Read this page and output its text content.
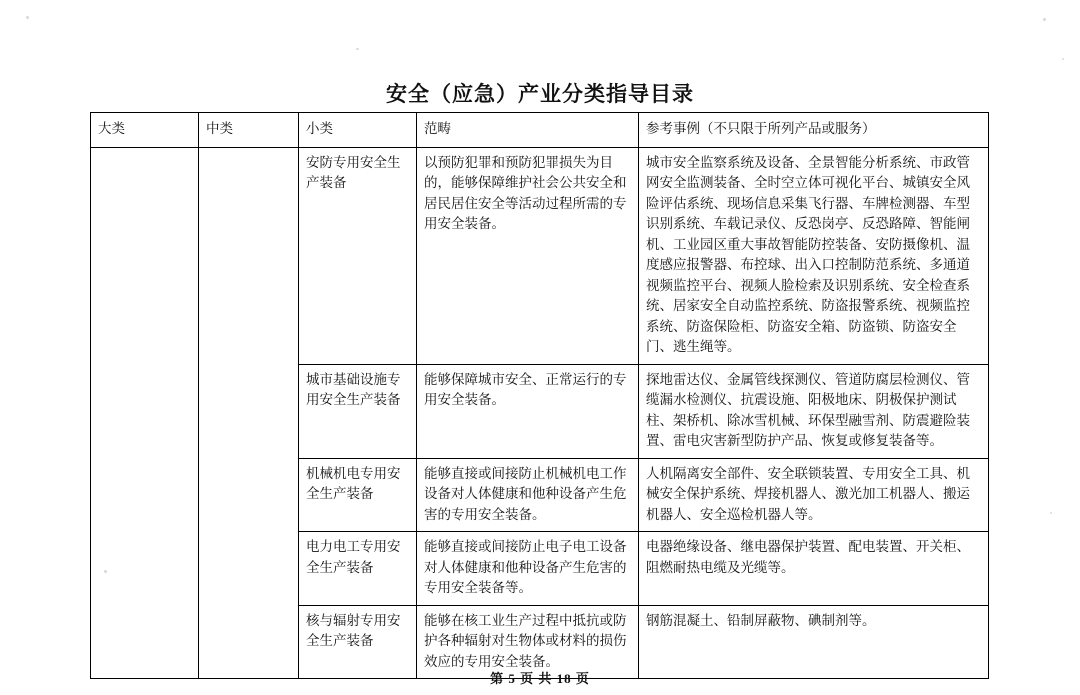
安全（应急）产业分类指导目录
大类	中类	小类	范畴	参考事例（不只限于所列产品或服务）
		安防专用安全生产装备	以预防犯罪和预防犯罪损失为目的，能够保障维护社会公共安全和居民居住安全等活动过程所需的专用安全装备。	城市安全监察系统及设备、全景智能分析系统、市政管网安全监测装备、全时空立体可视化平台、城镇安全风险评估系统、现场信息采集飞行器、车牌检测器、车型识别系统、车载记录仪、反恐岗亭、反恐路障、智能闸机、工业园区重大事故智能防控装备、安防摄像机、温度感应报警器、布控球、出入口控制防范系统、多通道视频监控平台、视频人脸检索及识别系统、安全检查系统、居家安全自动监控系统、防盗报警系统、视频监控系统、防盗保险柜、防盗安全箱、防盗锁、防盗安全门、逃生绳等。
		城市基础设施专用安全生产装备	能够保障城市安全、正常运行的专用安全装备。	探地雷达仪、金属管线探测仪、管道防腐层检测仪、管缆漏水检测仪、抗震设施、阳极地床、阴极保护测试柱、架桥机、除冰雪机械、环保型融雪剂、防震避险装置、雷电灾害新型防护产品、恢复或修复装备等。
		机械机电专用安全生产装备	能够直接或间接防止机械机电工作设备对人体健康和他种设备产生危害的专用安全装备。	人机隔离安全部件、安全联锁装置、专用安全工具、机械安全保护系统、焊接机器人、激光加工机器人、搬运机器人、安全巡检机器人等。
		电力电工专用安全生产装备	能够直接或间接防止电子电工设备对人体健康和他种设备产生危害的专用安全装备等。	电器绝缘设备、继电器保护装置、配电装置、开关柜、阻燃耐热电缆及光缆等。
		核与辐射专用安全生产装备	能够在核工业生产过程中抵抗或防护各种辐射对生物体或材料的损伤效应的专用安全装备。	钢筋混凝土、铅制屏蔽物、碘制剂等。
第 5 页 共 18 页
